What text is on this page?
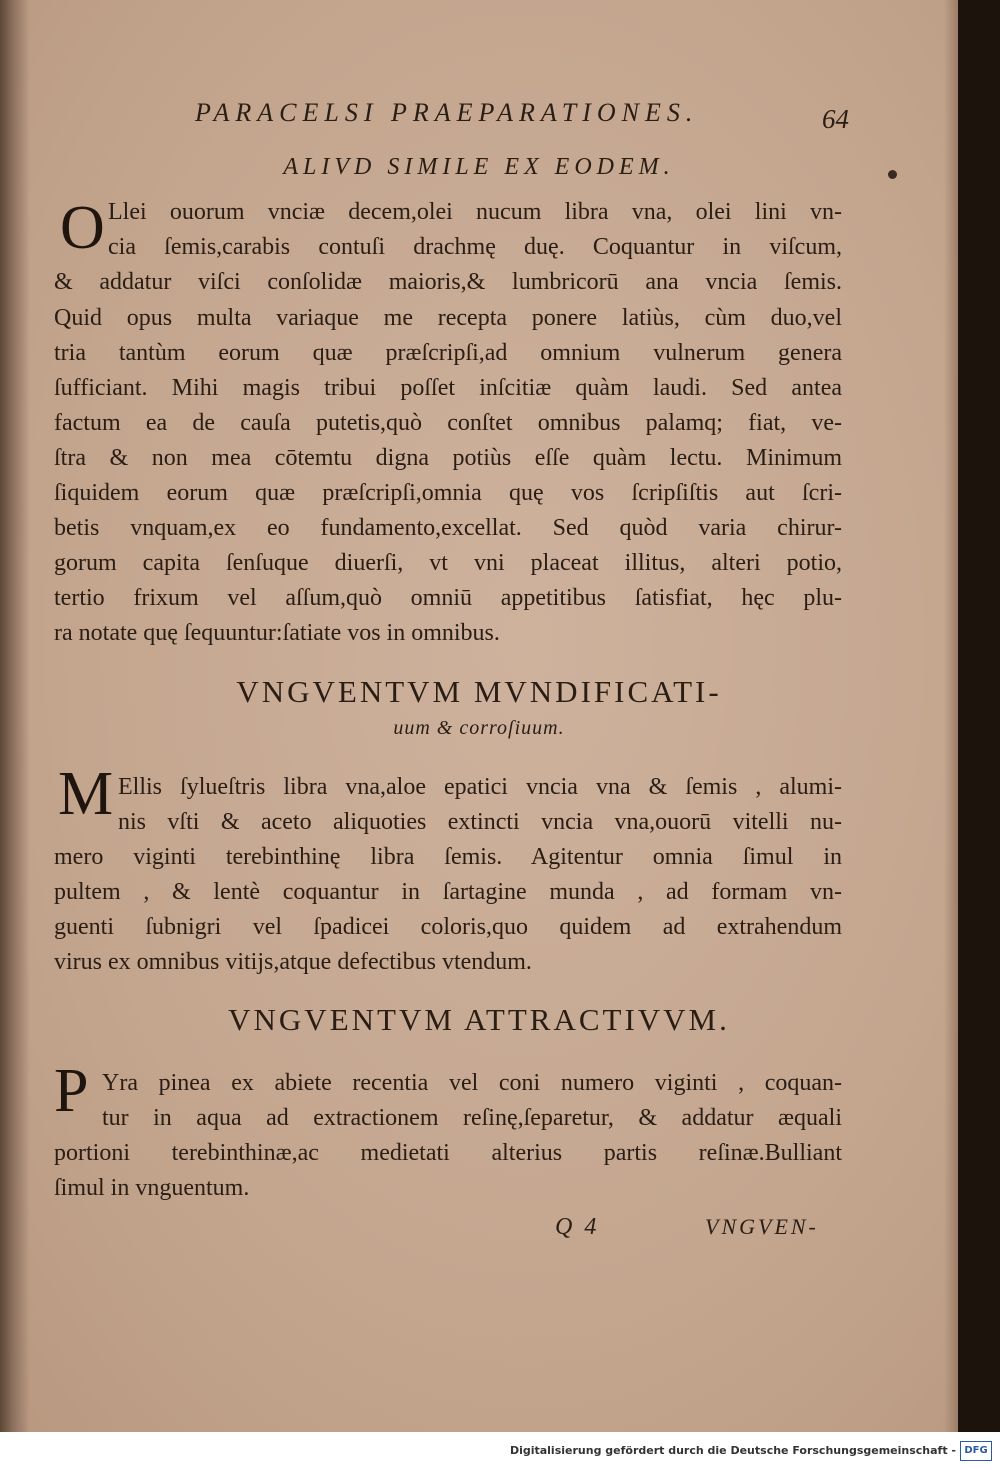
PARACELSI PRAEPARATIONES.	64
ALIVD SIMILE EX EODEM.
O Llei ouorum vnciæ decem,olei nucum libra vna, olei lini vn-
cia ſemis,carabis contuſi drachmę duę. Coquantur in viſcum,
& addatur viſci conſolidæ maioris,& lumbricorū ana vncia ſemis.
Quid opus multa variaque me recepta ponere latiùs, cùm duo,vel
tria tantùm eorum quæ præſcripſi,ad omnium vulnerum genera
ſufficiant. Mihi magis tribui poſſet inſcitiæ quàm laudi. Sed antea
factum ea de cauſa putetis,quò conſtet omnibus palamq; fiat, ve-
ſtra & non mea cōtemtu digna potiùs eſſe quàm lectu. Minimum
ſiquidem eorum quæ præſcripſi,omnia quę vos ſcripſiſtis aut ſcri-
betis vnquam,ex eo fundamento,excellat. Sed quòd varia chirur-
gorum capita ſenſuque diuerſi, vt vni placeat illitus, alteri potio,
tertio frixum vel aſſum,quò omniū appetitibus ſatisfiat, hęc plu-
ra notate quę ſequuntur:ſatiate vos in omnibus.
VNGVENTVM MVNDIFICATI-
uum & corroſiuum.
M Ellis ſylueſtris libra vna,aloe epatici vncia vna & ſemis , alumi-
nis vſti & aceto aliquoties extincti vncia vna,ouorū vitelli nu-
mero viginti terebinthinę libra ſemis. Agitentur omnia ſimul in
pultem , & lentè coquantur in ſartagine munda , ad formam vn-
guenti ſubnigri vel ſpadicei coloris,quo quidem ad extrahendum
virus ex omnibus vitijs,atque defectibus vtendum.
VNGVENTVM ATTRACTIVVM.
P Yra pinea ex abiete recentia vel coni numero viginti , coquan-
tur in aqua ad extractionem reſinę,ſeparetur, & addatur æquali
portioni terebinthinæ,ac medietati alterius partis reſinæ.Bulliant
ſimul in vnguentum.
Q 4	VNGVEN-
Digitalisierung gefördert durch die Deutsche Forschungsgemeinschaft - DFG
